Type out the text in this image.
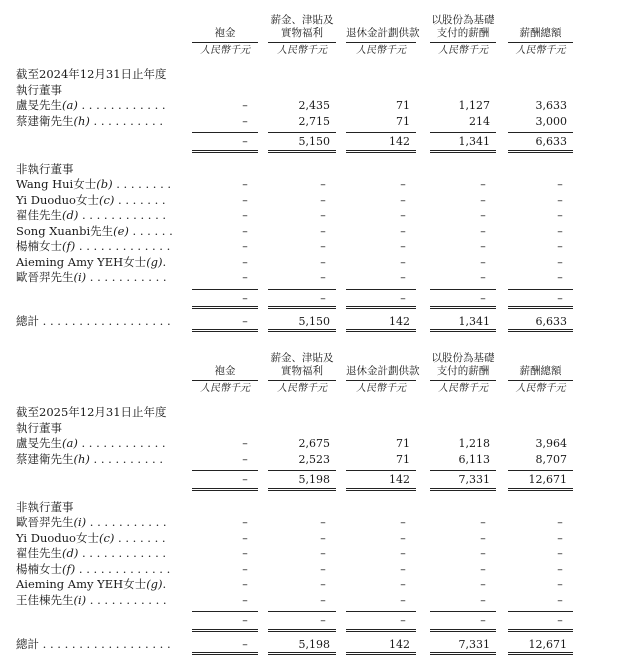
袍金
人民幣千元
薪金、津貼及
實物福利
人民幣千元
退休金計劃供款
人民幣千元
以股份為基礎
支付的薪酬
人民幣千元
薪酬總額
人民幣千元
截至2024年12月31日止年度
執行董事
盧旻先生(a) . . . . . . . . . . . .	–	2,435	71	1,127	3,633
蔡建衛先生(h) . . . . . . . . . .	–	2,715	71	214	3,000
–	5,150	142	1,341	6,633
非執行董事
Wang Hui女士(b) . . . . . . . .	–	–	–	–	–
Yi Duoduo女士(c) . . . . . . .	–	–	–	–	–
翟佳先生(d) . . . . . . . . . . . .	–	–	–	–	–
Song Xuanbi先生(e) . . . . . .	–	–	–	–	–
楊楠女士(f) . . . . . . . . . . . . .	–	–	–	–	–
Aieming Amy YEH女士(g).	–	–	–	–	–
歐晉羿先生(i) . . . . . . . . . . .	–	–	–	–	–
–	–	–	–	–
總計 . . . . . . . . . . . . . . . . . .	–	5,150	142	1,341	6,633
袍金
人民幣千元
薪金、津貼及
實物福利
人民幣千元
退休金計劃供款
人民幣千元
以股份為基礎
支付的薪酬
人民幣千元
薪酬總額
人民幣千元
截至2025年12月31日止年度
執行董事
盧旻先生(a) . . . . . . . . . . . .	–	2,675	71	1,218	3,964
蔡建衛先生(h) . . . . . . . . . .	–	2,523	71	6,113	8,707
–	5,198	142	7,331	12,671
非執行董事
歐晉羿先生(i) . . . . . . . . . . .	–	–	–	–	–
Yi Duoduo女士(c) . . . . . . .	–	–	–	–	–
翟佳先生(d) . . . . . . . . . . . .	–	–	–	–	–
楊楠女士(f) . . . . . . . . . . . . .	–	–	–	–	–
Aieming Amy YEH女士(g).	–	–	–	–	–
王佳棟先生(i) . . . . . . . . . . .	–	–	–	–	–
–	–	–	–	–
總計 . . . . . . . . . . . . . . . . . .	–	5,198	142	7,331	12,671
